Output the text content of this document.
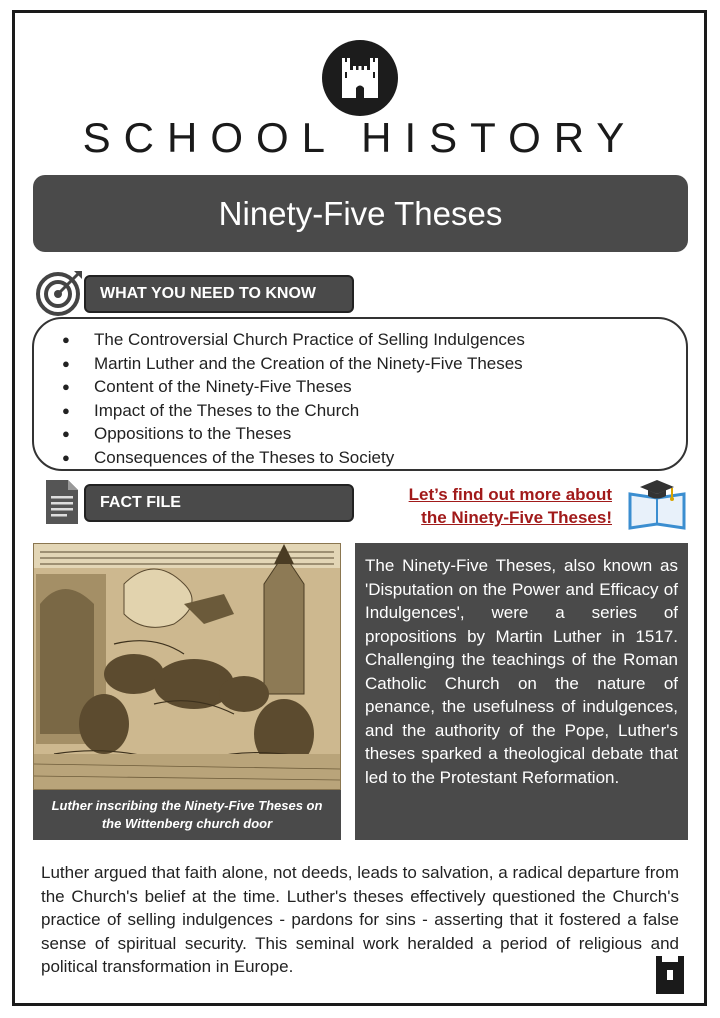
SCHOOL HISTORY
Ninety-Five Theses
WHAT YOU NEED TO KNOW
● The Controversial Church Practice of Selling Indulgences
● Martin Luther and the Creation of the Ninety-Five Theses
● Content of the Ninety-Five Theses
● Impact of the Theses to the Church
● Oppositions to the Theses
● Consequences of the Theses to Society
FACT FILE	Let’s find out more about
the Ninety-Five Theses!
Luther inscribing the Ninety-Five Theses on the Wittenberg church door
The Ninety-Five Theses, also known as 'Disputation on the Power and Efficacy of Indulgences', were a series of propositions by Martin Luther in 1517. Challenging the teachings of the Roman Catholic Church on the nature of penance, the usefulness of indulgences, and the authority of the Pope, Luther's theses sparked a theological debate that led to the Protestant Reformation.
Luther argued that faith alone, not deeds, leads to salvation, a radical departure from the Church's belief at the time. Luther's theses effectively questioned the Church's practice of selling indulgences - pardons for sins - asserting that it fostered a false sense of spiritual security. This seminal work heralded a period of religious and political transformation in Europe.
